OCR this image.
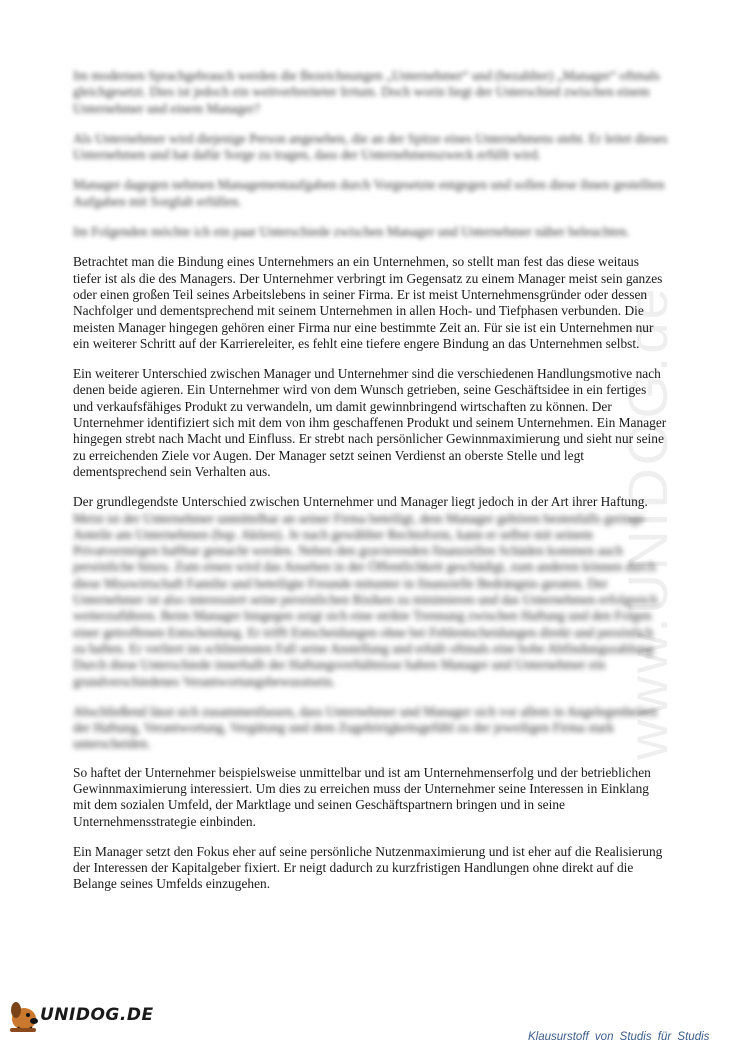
www.UNIDOG.de

Im modernen Sprachgebrauch werden die Bezeichnungen „Unternehmer“ und (bezahlter) „Manager“ oftmals gleichgesetzt. Dies ist jedoch ein weitverbreiteter Irrtum. Doch worin liegt der Unterschied zwischen einem Unternehmer und einem Manager?

Als Unternehmer wird diejenige Person angesehen, die an der Spitze eines Unternehmens steht. Er leitet dieses Unternehmen und hat dafür Sorge zu tragen, dass der Unternehmenszweck erfüllt wird.

Manager dagegen nehmen Managementaufgaben durch Vorgesetzte entgegen und sollen diese ihnen gestellten Aufgaben mit Sorgfalt erfüllen.

Im Folgenden möchte ich ein paar Unterschiede zwischen Manager und Unternehmer näher beleuchten.

Betrachtet man die Bindung eines Unternehmers an ein Unternehmen, so stellt man fest das diese weitaus tiefer ist als die des Managers. Der Unternehmer verbringt im Gegensatz zu einem Manager meist sein ganzes oder einen großen Teil seines Arbeitslebens in seiner Firma. Er ist meist Unternehmensgründer oder dessen Nachfolger und dementsprechend mit seinem Unternehmen in allen Hoch- und Tiefphasen verbunden. Die meisten Manager hingegen gehören einer Firma nur eine bestimmte Zeit an. Für sie ist ein Unternehmen nur ein weiterer Schritt auf der Karriereleiter, es fehlt eine tiefere engere Bindung an das Unternehmen selbst.

Ein weiterer Unterschied zwischen Manager und Unternehmer sind die verschiedenen Handlungsmotive nach denen beide agieren. Ein Unternehmer wird von dem Wunsch getrieben, seine Geschäftsidee in ein fertiges und verkaufsfähiges Produkt zu verwandeln, um damit gewinnbringend wirtschaften zu können. Der Unternehmer identifiziert sich mit dem von ihm geschaffenen Produkt und seinem Unternehmen. Ein Manager hingegen strebt nach Macht und Einfluss. Er strebt nach persönlicher Gewinnmaximierung und sieht nur seine zu erreichenden Ziele vor Augen. Der Manager setzt seinen Verdienst an oberste Stelle und legt dementsprechend sein Verhalten aus.

Der grundlegendste Unterschied zwischen Unternehmer und Manager liegt jedoch in der Art ihrer Haftung.

Meist ist der Unternehmer unmittelbar an seiner Firma beteiligt, dem Manager gehören bestenfalls geringe Anteile am Unternehmen (bsp. Aktien). Je nach gewählter Rechtsform, kann er selbst mit seinem Privatvermögen haftbar gemacht werden. Neben den gravierenden finanziellen Schäden kommen auch persönliche hinzu. Zum einen wird das Ansehen in der Öffentlichkeit geschädigt, zum anderen können durch diese Misswirtschaft Familie und beteiligte Freunde mitunter in finanzielle Bedrängnis geraten. Der Unternehmer ist also interessiert seine persönlichen Risiken zu minimieren und das Unternehmen erfolgreich weiterzuführen. Beim Manager hingegen zeigt sich eine strikte Trennung zwischen Haftung und den Folgen einer getroffenen Entscheidung. Er trifft Entscheidungen ohne bei Fehlentscheidungen direkt und persönlich zu haften. Er verliert im schlimmsten Fall seine Anstellung und erhält oftmals eine hohe Abfindungszahlung. Durch diese Unterschiede innerhalb der Haftungsverhältnisse haben Manager und Unternehmer ein grundverschiedenes Verantwortungsbewusstsein.

Abschließend lässt sich zusammenfassen, dass Unternehmer und Manager sich vor allem in Angelegenheiten der Haftung, Verantwortung, Vergütung und dem Zugehörigkeitsgefühl zu der jeweiligen Firma stark unterscheiden.

So haftet der Unternehmer beispielsweise unmittelbar und ist am Unternehmenserfolg und der betrieblichen Gewinnmaximierung interessiert. Um dies zu erreichen muss der Unternehmer seine Interessen in Einklang mit dem sozialen Umfeld, der Marktlage und seinen Geschäftspartnern bringen und in seine Unternehmensstrategie einbinden.

Ein Manager setzt den Fokus eher auf seine persönliche Nutzenmaximierung und ist eher auf die Realisierung der Interessen der Kapitalgeber fixiert. Er neigt dadurch zu kurzfristigen Handlungen ohne direkt auf die Belange seines Umfelds einzugehen.

UNIDOG.DE
Klausurstoff von Studis für Studis
